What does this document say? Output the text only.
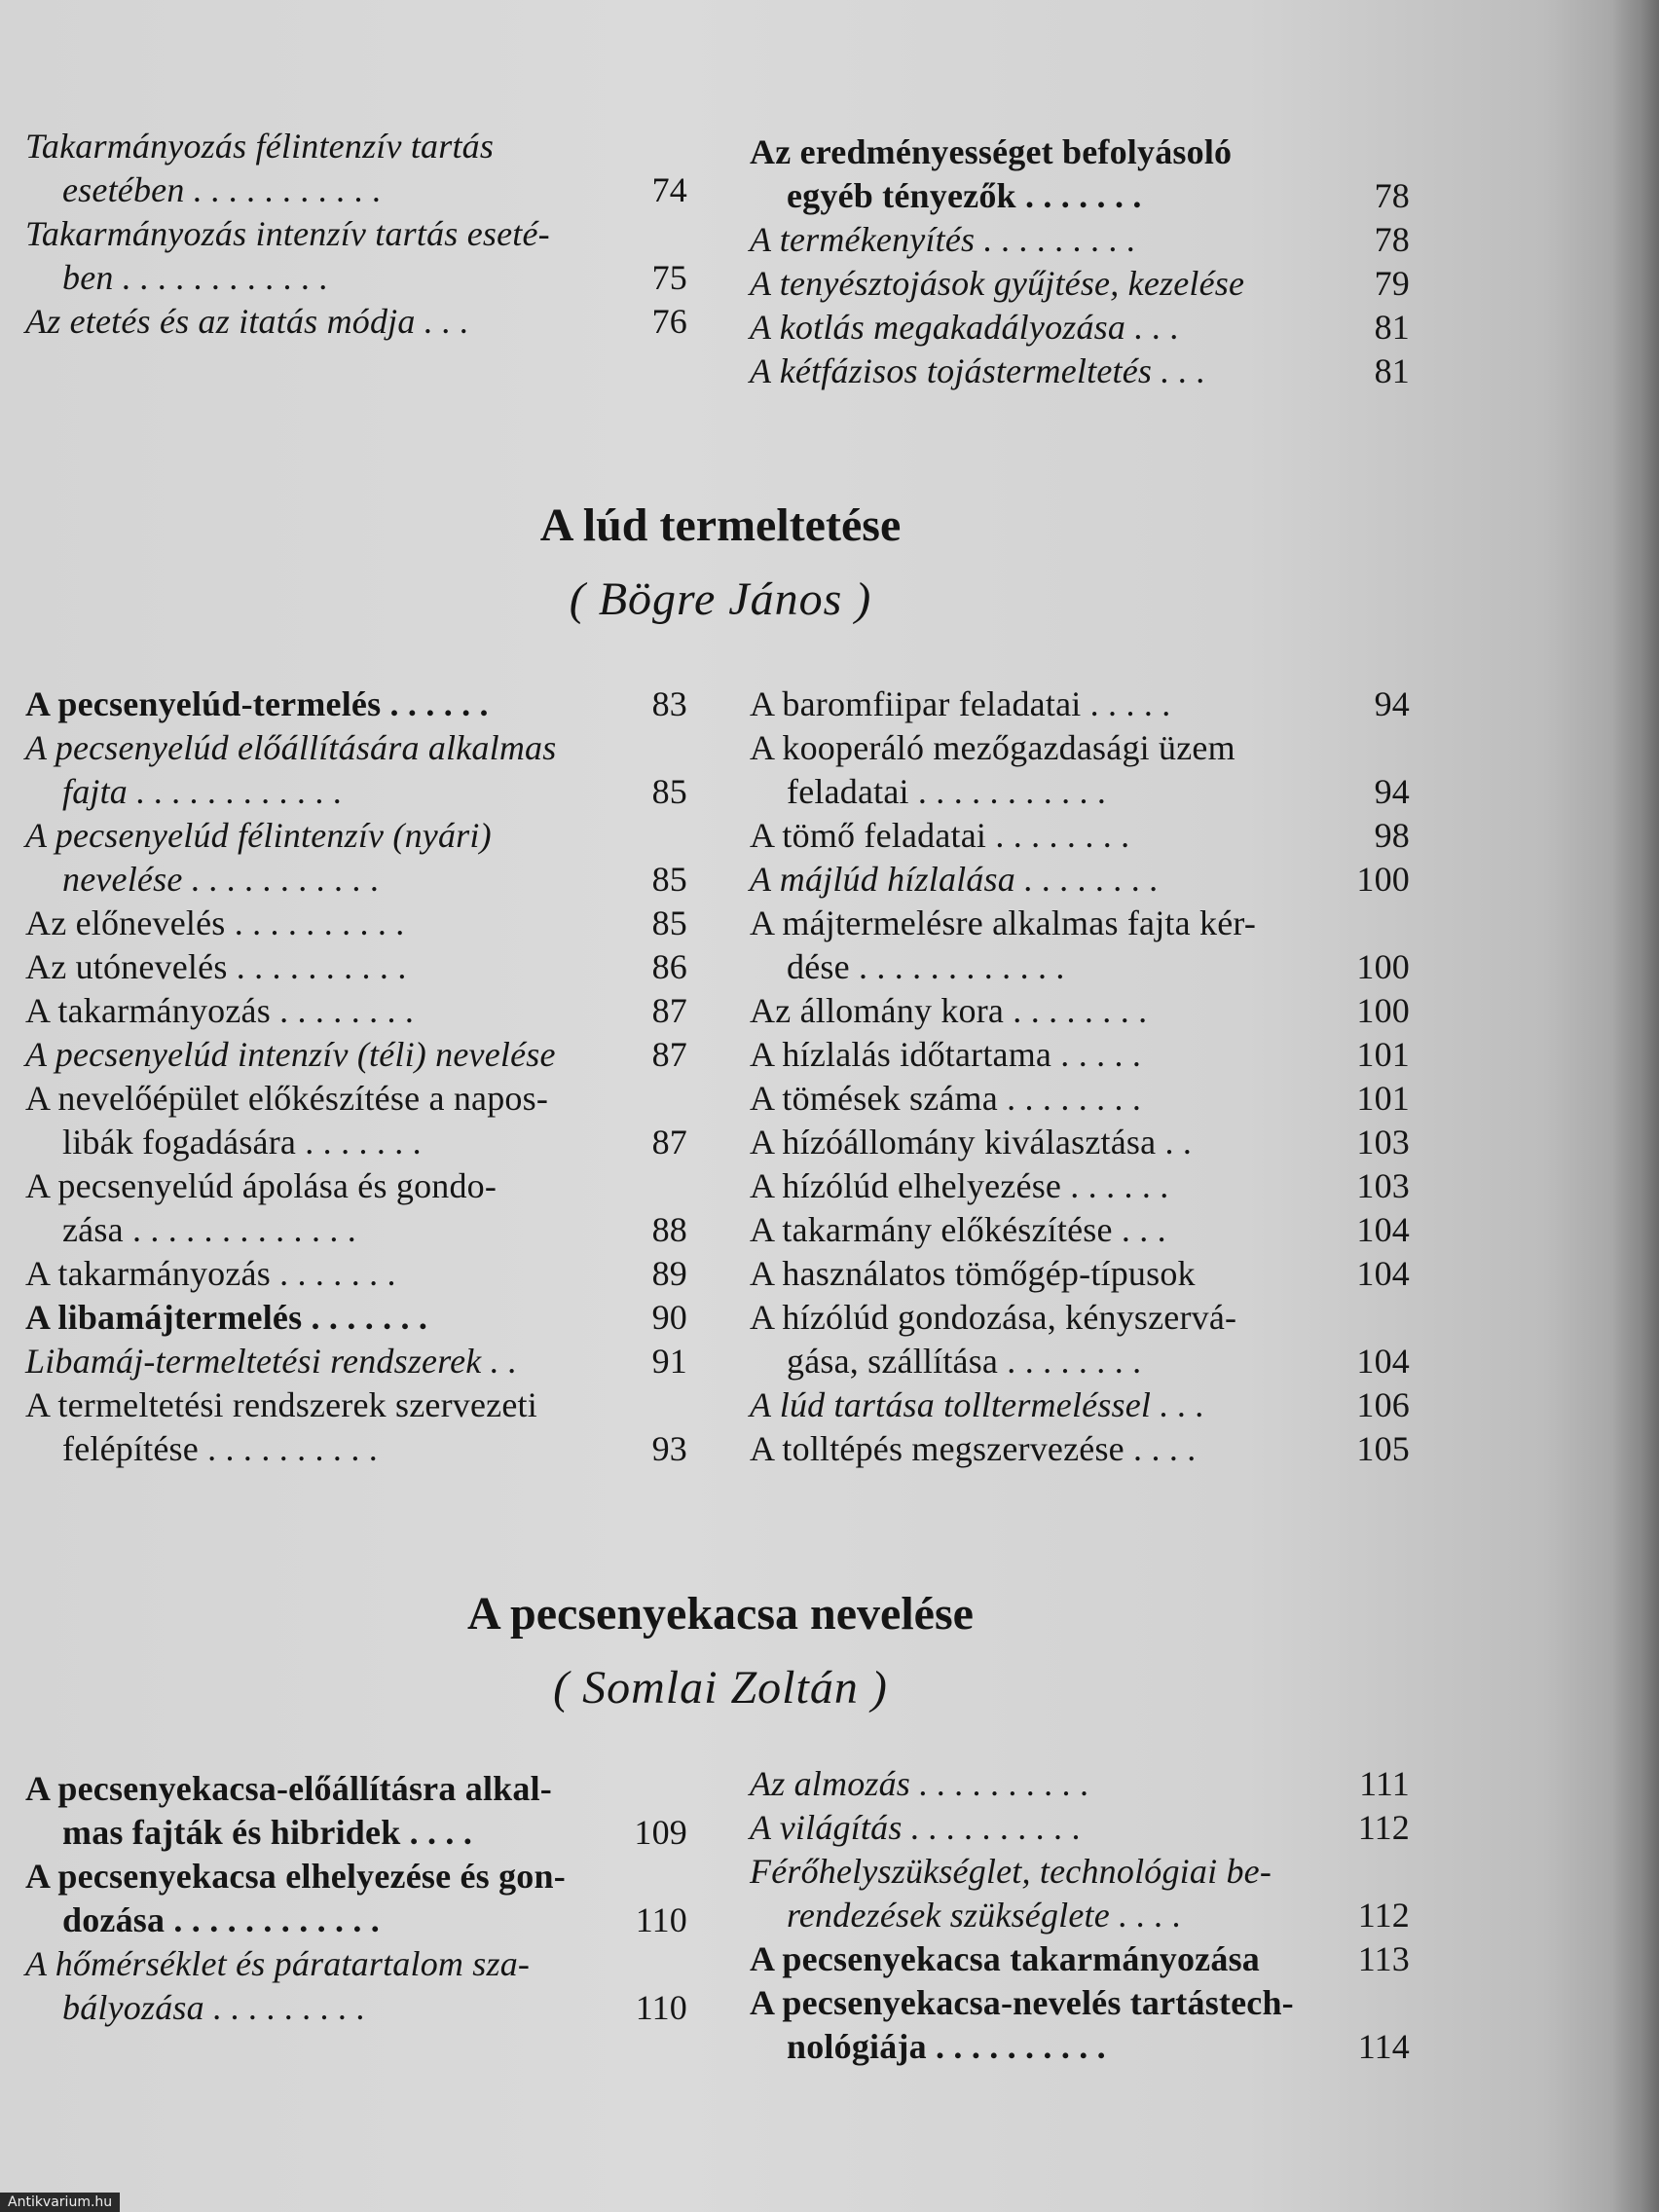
Takarmányozás félintenzív tartás
esetében . . . . . . . . . . .	74
Takarmányozás intenzív tartás eseté-
ben . . . . . . . . . . . .	75
Az etetés és az itatás módja . . .	76
Az eredményességet befolyásoló
egyéb tényezők . . . . . . .	78
A termékenyítés . . . . . . . . .	78
A tenyésztojások gyűjtése, kezelése	79
A kotlás megakadályozása . . .	81
A kétfázisos tojástermeltetés . . .	81
A lúd termeltetése
( Bögre János )
A pecsenyelúd-termelés . . . . . .	83
A pecsenyelúd előállítására alkalmas
fajta . . . . . . . . . . . .	85
A pecsenyelúd félintenzív (nyári)
nevelése . . . . . . . . . . .	85
Az előnevelés . . . . . . . . . .	85
Az utónevelés . . . . . . . . . .	86
A takarmányozás . . . . . . . .	87
A pecsenyelúd intenzív (téli) nevelése	87
A nevelőépület előkészítése a napos-
libák fogadására . . . . . . .	87
A pecsenyelúd ápolása és gondo-
zása . . . . . . . . . . . . .	88
A takarmányozás . . . . . . .	89
A libamájtermelés . . . . . . .	90
Libamáj-termeltetési rendszerek . .	91
A termeltetési rendszerek szervezeti
felépítése . . . . . . . . . .	93
A baromfiipar feladatai . . . . .	94
A kooperáló mezőgazdasági üzem
feladatai . . . . . . . . . . .	94
A tömő feladatai . . . . . . . .	98
A májlúd hízlalása . . . . . . . .	100
A májtermelésre alkalmas fajta kér-
dése . . . . . . . . . . . .	100
Az állomány kora . . . . . . . .	100
A hízlalás időtartama . . . . .	101
A tömések száma . . . . . . . .	101
A hízóállomány kiválasztása . .	103
A hízólúd elhelyezése . . . . . .	103
A takarmány előkészítése . . .	104
A használatos tömőgép-típusok	104
A hízólúd gondozása, kényszervá-
gása, szállítása . . . . . . . .	104
A lúd tartása tolltermeléssel . . .	106
A tolltépés megszervezése . . . .	105
A pecsenyekacsa nevelése
( Somlai Zoltán )
A pecsenyekacsa-előállításra alkal-
mas fajták és hibridek . . . .	109
A pecsenyekacsa elhelyezése és gon-
dozása . . . . . . . . . . . .	110
A hőmérséklet és páratartalom sza-
bályozása . . . . . . . . .	110
Az almozás . . . . . . . . . .	111
A világítás . . . . . . . . . .	112
Férőhelyszükséglet, technológiai be-
rendezések szükséglete . . . .	112
A pecsenyekacsa takarmányozása	113
A pecsenyekacsa-nevelés tartástech-
nológiája . . . . . . . . . .	114
Antikvarium.hu
